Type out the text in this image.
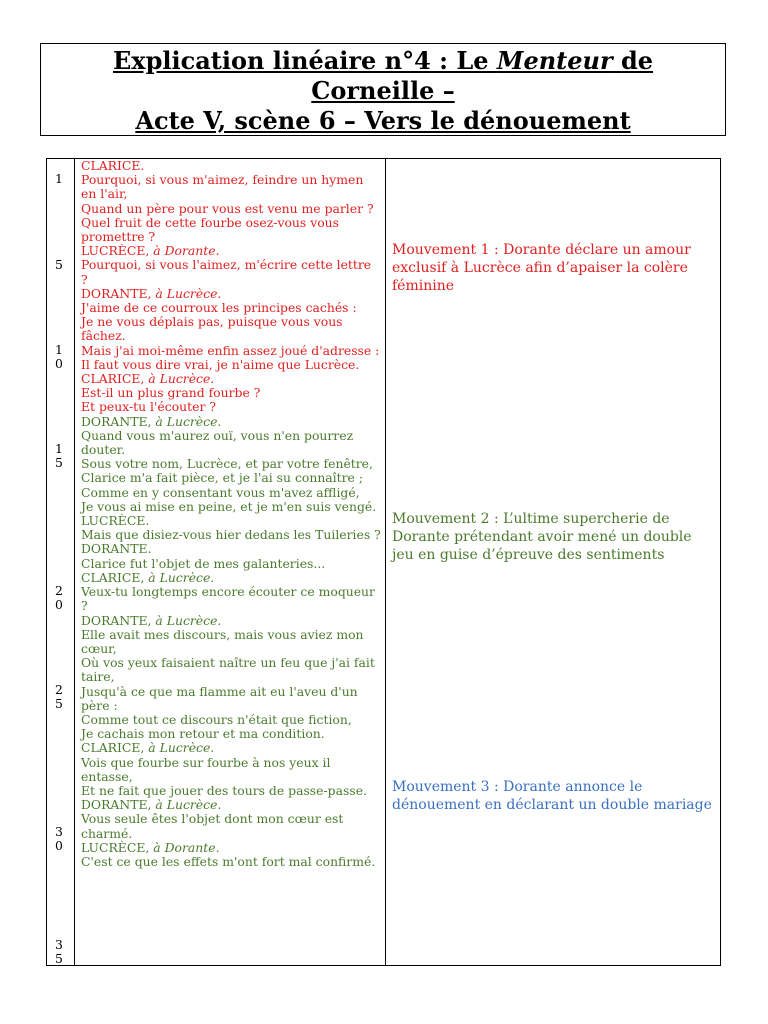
Explication linéaire n°4 : Le Menteur de
Corneille –
Acte V, scène 6 – Vers le dénouement
1
5
1
0
1
5
2
0
2
5
3
0
3
5
CLARICE.
Pourquoi, si vous m'aimez, feindre un hymen en l'air,
Quand un père pour vous est venu me parler ?
Quel fruit de cette fourbe osez-vous vous promettre ?
LUCRÈCE, à Dorante.
Pourquoi, si vous l'aimez, m'écrire cette lettre ?
DORANTE, à Lucrèce.
J'aime de ce courroux les principes cachés :
Je ne vous déplais pas, puisque vous vous fâchez.
Mais j'ai moi-même enfin assez joué d'adresse :
Il faut vous dire vrai, je n'aime que Lucrèce.
CLARICE, à Lucrèce.
Est-il un plus grand fourbe ?
Et peux-tu l'écouter ?
DORANTE, à Lucrèce.
Quand vous m'aurez ouï, vous n'en pourrez douter.
Sous votre nom, Lucrèce, et par votre fenêtre,
Clarice m'a fait pièce, et je l'ai su connaître ;
Comme en y consentant vous m'avez affligé,
Je vous ai mise en peine, et je m'en suis vengé.
LUCRÈCE.
Mais que disiez-vous hier dedans les Tuileries ?
DORANTE.
Clarice fut l'objet de mes galanteries...
CLARICE, à Lucrèce.
Veux-tu longtemps encore écouter ce moqueur ?
DORANTE, à Lucrèce.
Elle avait mes discours, mais vous aviez mon cœur,
Où vos yeux faisaient naître un feu que j'ai fait taire,
Jusqu'à ce que ma flamme ait eu l'aveu d'un père :
Comme tout ce discours n'était que fiction,
Je cachais mon retour et ma condition.
CLARICE, à Lucrèce.
Vois que fourbe sur fourbe à nos yeux il entasse,
Et ne fait que jouer des tours de passe-passe.
DORANTE, à Lucrèce.
Vous seule êtes l'objet dont mon cœur est charmé.
LUCRÈCE, à Dorante.
C'est ce que les effets m'ont fort mal confirmé.
Mouvement 1 : Dorante déclare un amour exclusif à Lucrèce afin d’apaiser la colère féminine
Mouvement 2 : L’ultime supercherie de Dorante prétendant avoir mené un double jeu en guise d’épreuve des sentiments
Mouvement 3 : Dorante annonce le dénouement en déclarant un double mariage
